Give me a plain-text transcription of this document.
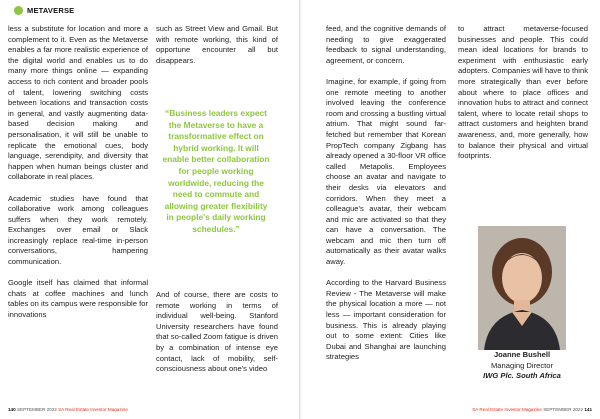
METAVERSE

less a substitute for location and more a complement to it. Even as the Metaverse enables a far more realistic experience of the digital world and enables us to do many more things online — expanding access to rich content and broader pools of talent, lowering switching costs between locations and transaction costs in general, and vastly augmenting data-based decision making and personalisation, it will still be unable to replicate the emotional cues, body language, serendipity, and diversity that happen when human beings cluster and collaborate in real places.

Academic studies have found that collaborative work among colleagues suffers when they work remotely. Exchanges over email or Slack increasingly replace real-time in-person conversations, hampering communication.

Google itself has claimed that informal chats at coffee machines and lunch tables on its campus were responsible for innovations

such as Street View and Gmail. But with remote working, this kind of opportune encounter all but disappears.

“Business leaders expect the Metaverse to have a transformative effect on hybrid working. It will enable better collaboration for people working worldwide, reducing the need to commute and allowing greater flexibility in people's daily working schedules.”

And of course, there are costs to remote working in terms of individual well-being. Stanford University researchers have found that so-called Zoom fatigue is driven by a combination of intense eye contact, lack of mobility, self-consciousness about one's video

feed, and the cognitive demands of needing to give exaggerated feedback to signal understanding, agreement, or concern.

Imagine, for example, if going from one remote meeting to another involved leaving the conference room and crossing a bustling virtual atrium. That might sound far-fetched but remember that Korean PropTech company Zigbang has already opened a 30-floor VR office called Metapolis. Employees choose an avatar and navigate to their desks via elevators and corridors. When they meet a colleague's avatar, their webcam and mic are activated so that they can have a conversation. The webcam and mic then turn off automatically as their avatar walks away.

According to the Harvard Business Review - The Metaverse will make the physical location a more — not less — important consideration for business. This is already playing out to some extent: Cities like Dubai and Shanghai are launching strategies

to attract metaverse-focused businesses and people. This could mean ideal locations for brands to experiment with enthusiastic early adopters. Companies will have to think more strategically than ever before about where to place offices and innovation hubs to attract and connect talent, where to locate retail shops to attract customers and heighten brand awareness, and, more generally, how to balance their physical and virtual footprints.

Joanne Bushell
Managing Director
IWG Plc. South Africa
140 SEPTEMBER 2022 SA Real Estate Investor Magazine	SA Real Estate Investor Magazine SEPTEMBER 2022 141
